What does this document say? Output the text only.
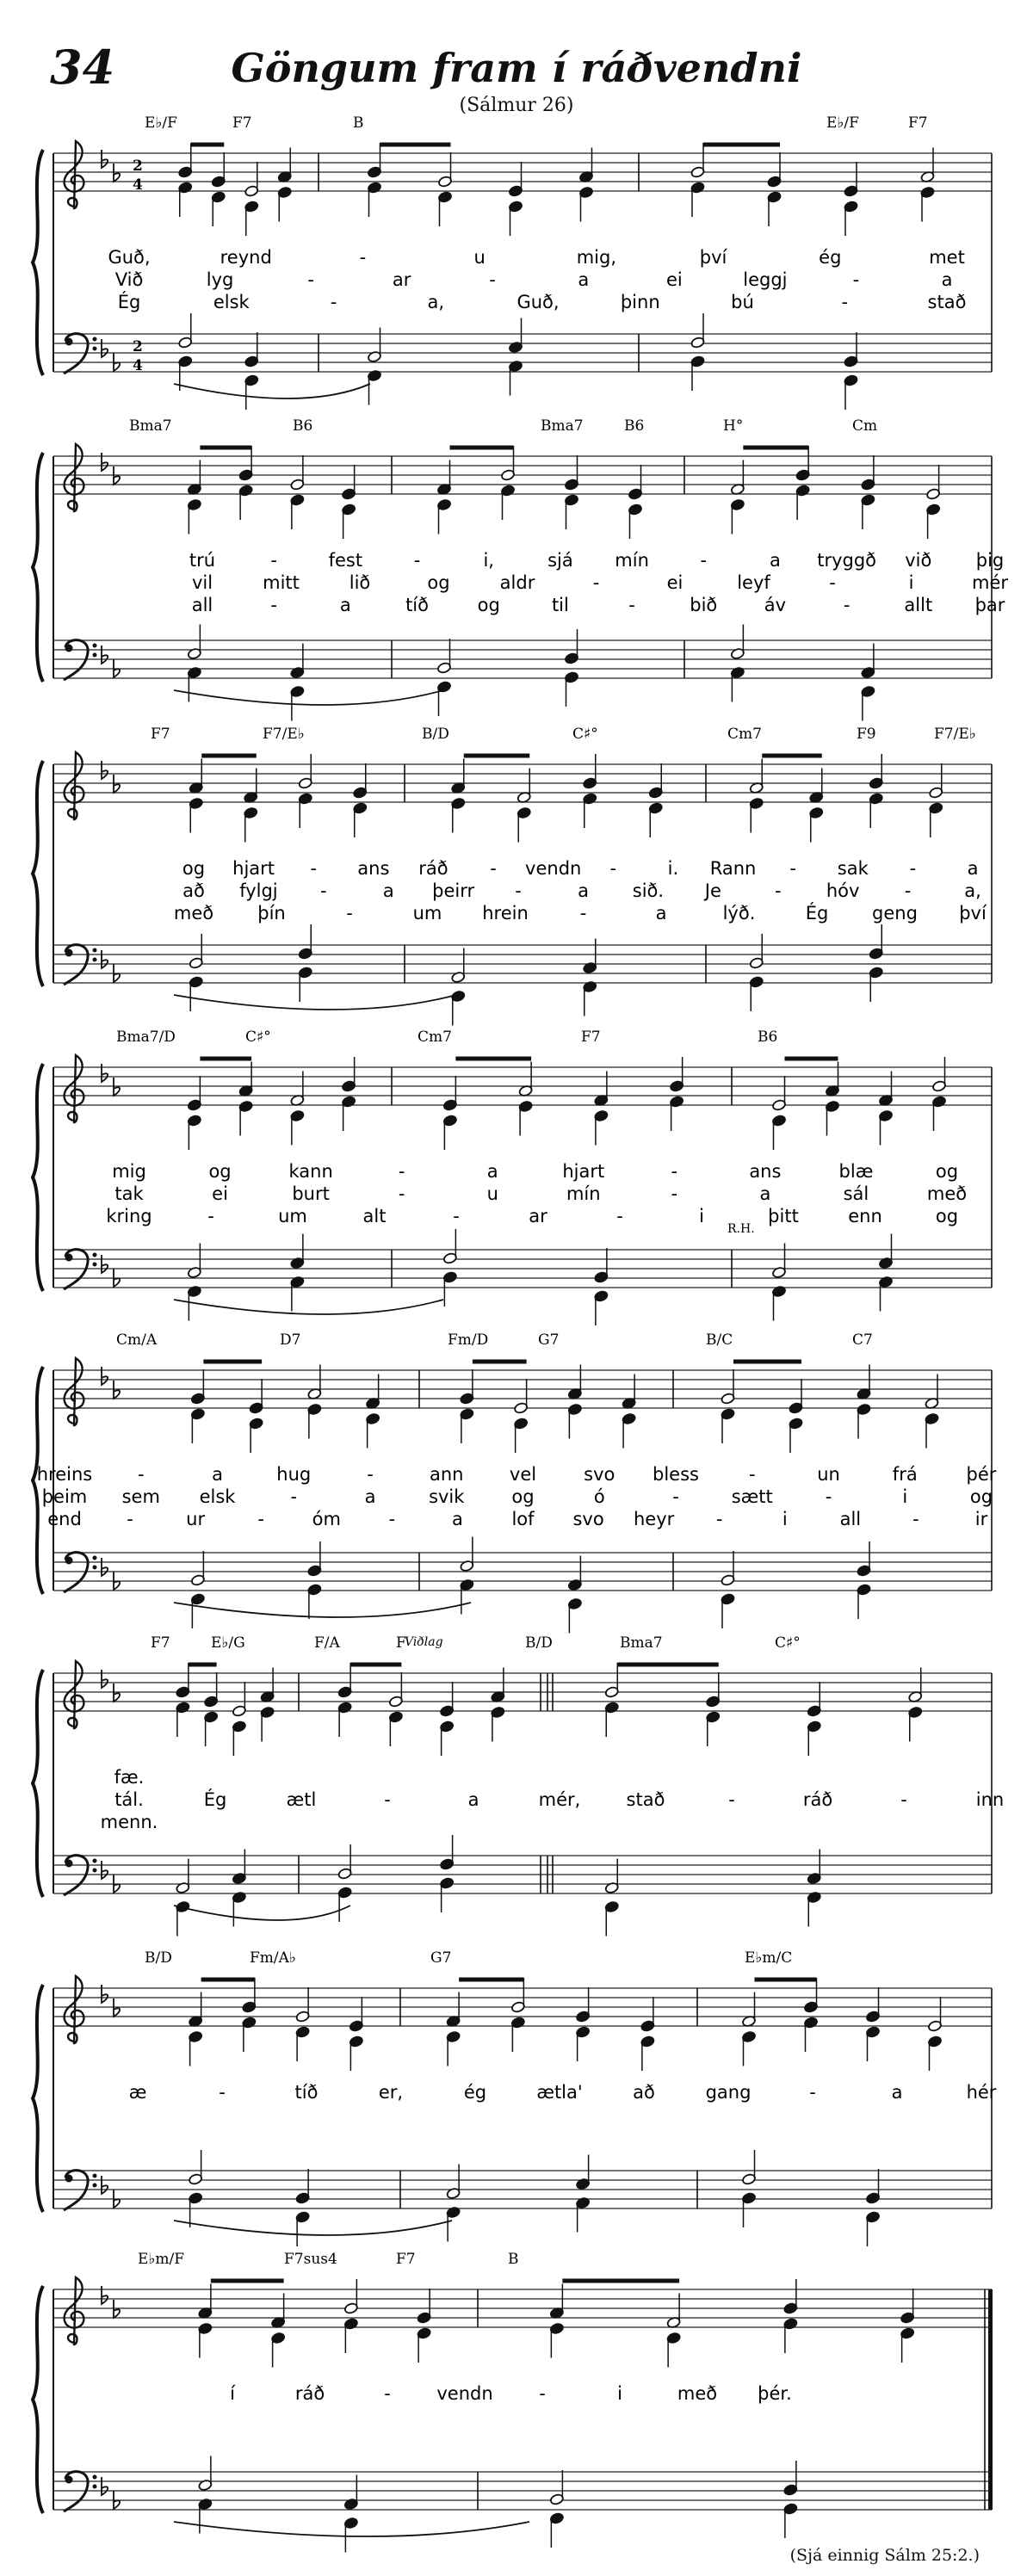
34	Göngum fram í ráðvendni
(Sálmur 26)
(Sjá einnig Sálm 25:2.)
2
2
4
4
E♭/F	F7	B	E♭/F	F7
Guð,	reynd	-	u	mig,	því	ég	met
Við	lyg	-	ar	-	a	ei	leggj	-	a
Ég	elsk	-	a,	Guð,	þinn	bú	-	stað
Bma7	B6	Bma7	B6	H°	Cm
trú	-	fest	-	i,	sjá mín	-	a tryggð við þig
vil	mitt	lið	og	aldr	-	ei	leyf	-	i	mér
all	-	a	tíð	og	til	-	bið	áv	-	allt þar
F7	F7/E♭	B/D	C♯°	Cm7	F9	F7/E♭
og hjart - ans ráð - vendn -	i. Rann - sak -	a
að fylgj -	a þeirr -	a sið. Je	- hóv -	a,
með þín	-	um hrein	-	a	lýð.	Ég geng því
Bma7/D	C♯°	Cm7	F7	B6
mig	og	kann	-	a	hjart	-	ans	blæ	og
tak	ei	burt	-	u	mín	-	a	sál	með
kring	-	um	alt	-	ar	-	i	þitt	enn	og
Cm/A	D7	Fm/D	G7	B/C	C7
hreins	-	a	hug	-	ann	vel	svo bless	-	un	frá	þér
þeim sem elsk	-	a	svik	og	ó	-	sætt	-	i	og
end	-	ur	-	óm	-	a	lof svo heyr -	i	all	-	ir
F7	E♭/G	F/A	F	B/D	Bma7	C♯°
fæ.
tál.	Ég	ætl	-	a	mér,	stað	-	ráð	-	inn
menn.
B/D	Fm/A♭	G7	E♭m/C
æ	-	tíð	er,	ég	ætla'	að	gang	-	a	hér
E♭m/F	F7sus4	F7	B
í	ráð	-	vendn	-	i	með þér.
Viðlag
R.H.
